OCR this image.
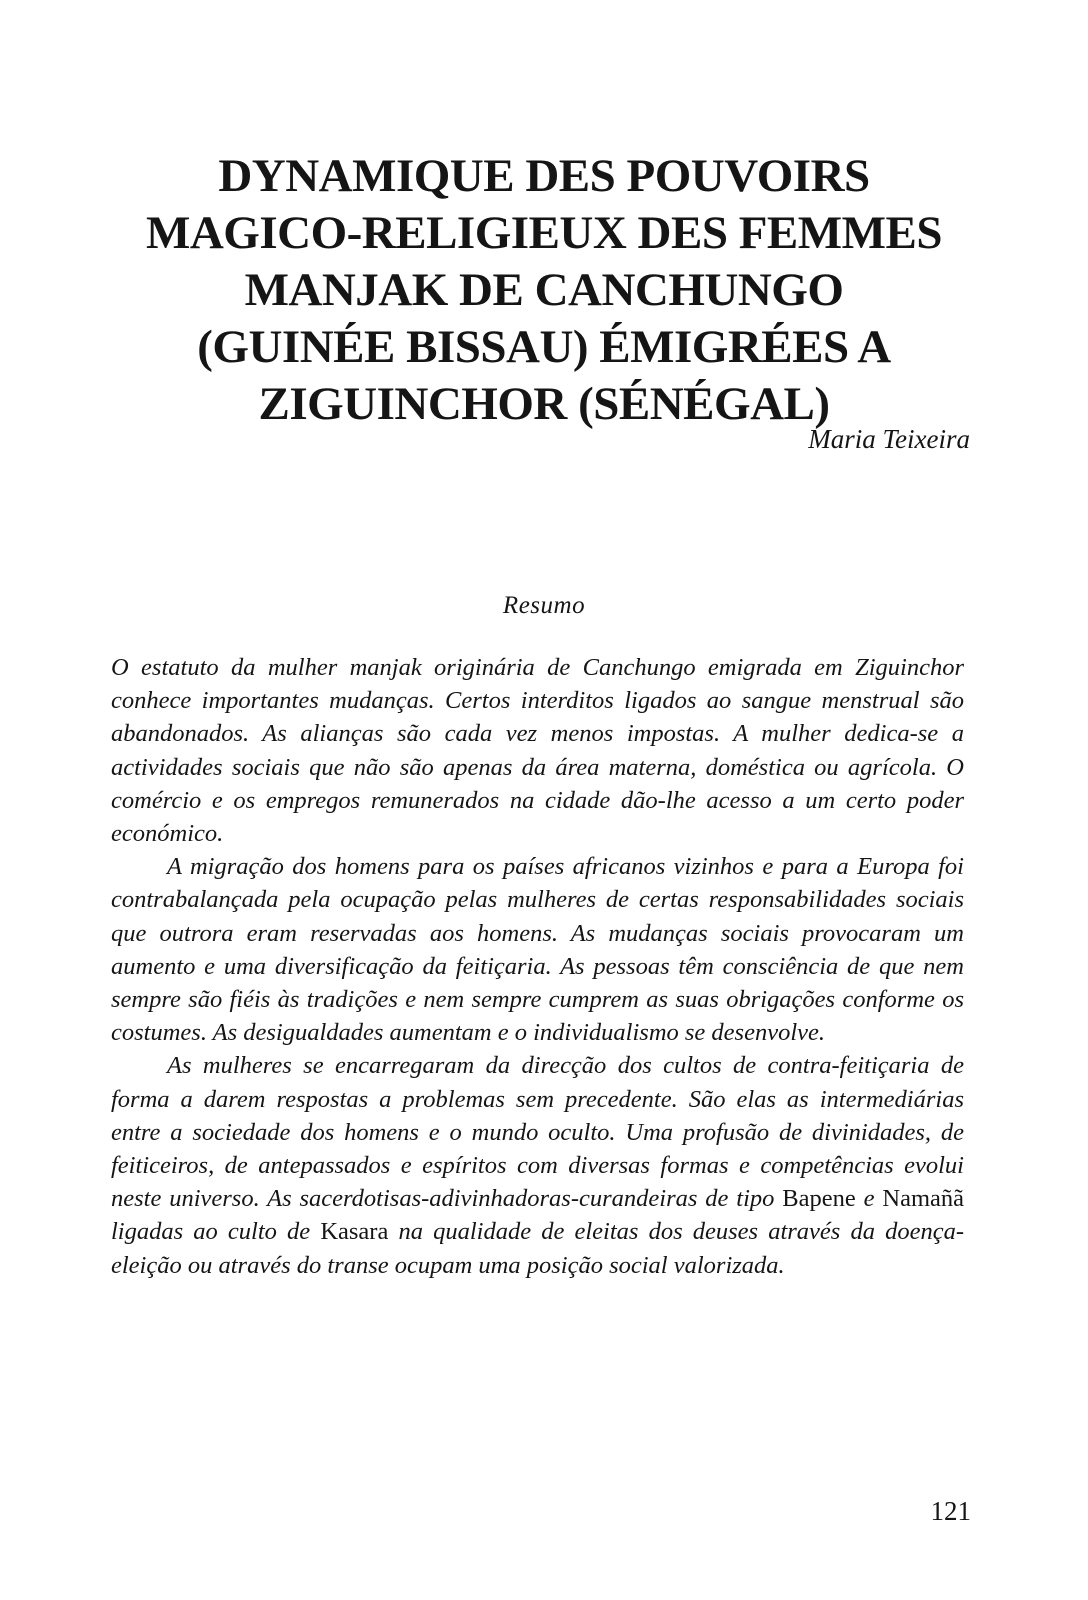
DYNAMIQUE DES POUVOIRS
MAGICO-RELIGIEUX DES FEMMES
MANJAK DE CANCHUNGO
(GUINÉE BISSAU) ÉMIGRÉES A
ZIGUINCHOR (SÉNÉGAL)
Maria Teixeira
Resumo

O estatuto da mulher manjak originária de Canchungo emigrada em Ziguinchor conhece importantes mudanças. Certos interditos ligados ao sangue menstrual são abandonados. As alianças são cada vez menos impostas. A mulher dedica-se a actividades sociais que não são apenas da área materna, doméstica ou agrícola. O comércio e os empregos remunerados na cidade dão-lhe acesso a um certo poder económico.

A migração dos homens para os países africanos vizinhos e para a Europa foi contrabalançada pela ocupação pelas mulheres de certas responsabilidades sociais que outrora eram reservadas aos homens. As mudanças sociais provocaram um aumento e uma diversificação da feitiçaria. As pessoas têm consciência de que nem sempre são fiéis às tradições e nem sempre cumprem as suas obrigações conforme os costumes. As desigualdades aumentam e o individualismo se desenvolve.

As mulheres se encarregaram da direcção dos cultos de contra-feitiçaria de forma a darem respostas a problemas sem precedente. São elas as intermediárias entre a sociedade dos homens e o mundo oculto. Uma profusão de divinidades, de feiticeiros, de antepassados e espíritos com diversas formas e competências evolui neste universo. As sacerdotisas-adivinhadoras-curandeiras de tipo Bapene e Namañã ligadas ao culto de Kasara na qualidade de eleitas dos deuses através da doença-eleição ou através do transe ocupam uma posição social valorizada.

121
